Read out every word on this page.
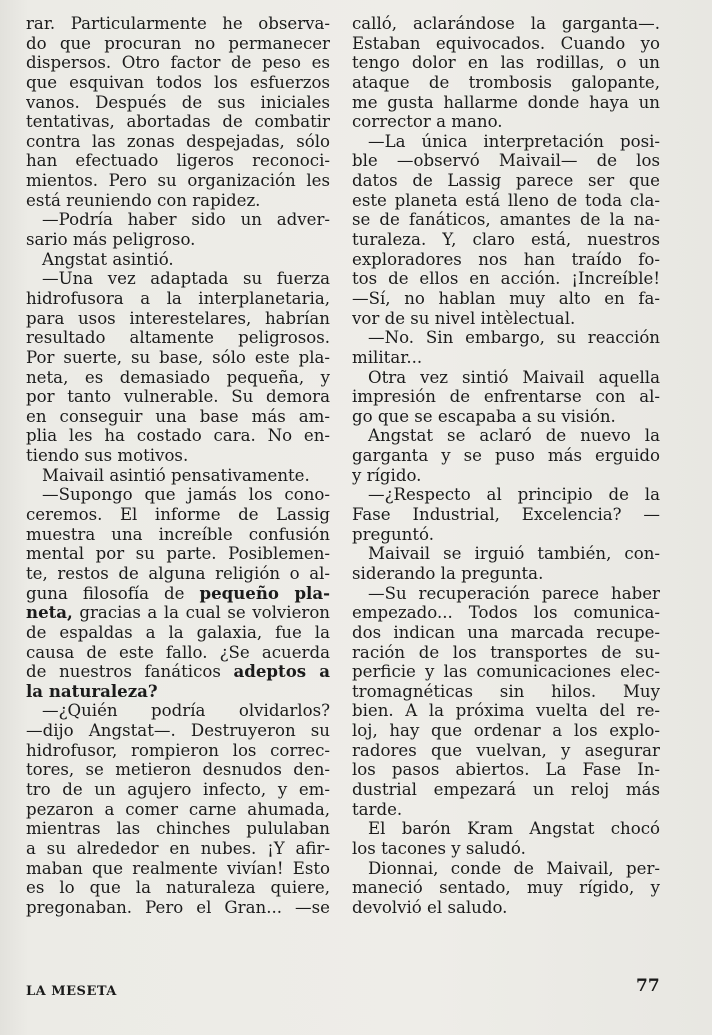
rar. Particularmente he observa-
do que procuran no permanecer
dispersos. Otro factor de peso es
que esquivan todos los esfuerzos
vanos. Después de sus iniciales
tentativas, abortadas de combatir
contra las zonas despejadas, sólo
han efectuado ligeros reconoci-
mientos. Pero su organización les
está reuniendo con rapidez.
—Podría haber sido un adver-
sario más peligroso.
Angstat asintió.
—Una vez adaptada su fuerza
hidrofusora a la interplanetaria,
para usos interestelares, habrían
resultado altamente peligrosos.
Por suerte, su base, sólo este pla-
neta, es demasiado pequeña, y
por tanto vulnerable. Su demora
en conseguir una base más am-
plia les ha costado cara. No en-
tiendo sus motivos.
Maivail asintió pensativamente.
—Supongo que jamás los cono-
ceremos. El informe de Lassig
muestra una increíble confusión
mental por su parte. Posiblemen-
te, restos de alguna religión o al-
guna filosofía de pequeño pla-
neta, gracias a la cual se volvieron
de espaldas a la galaxia, fue la
causa de este fallo. ¿Se acuerda
de nuestros fanáticos adeptos a
la naturaleza?
—¿Quién podría olvidarlos?
—dijo Angstat—. Destruyeron su
hidrofusor, rompieron los correc-
tores, se metieron desnudos den-
tro de un agujero infecto, y em-
pezaron a comer carne ahumada,
mientras las chinches pululaban
a su alrededor en nubes. ¡Y afir-
maban que realmente vivían! Esto
es lo que la naturaleza quiere,
pregonaban. Pero el Gran... —se
calló, aclarándose la garganta—.
Estaban equivocados. Cuando yo
tengo dolor en las rodillas, o un
ataque de trombosis galopante,
me gusta hallarme donde haya un
corrector a mano.
—La única interpretación posi-
ble —observó Maivail— de los
datos de Lassig parece ser que
este planeta está lleno de toda cla-
se de fanáticos, amantes de la na-
turaleza. Y, claro está, nuestros
exploradores nos han traído fo-
tos de ellos en acción. ¡Increíble!
—Sí, no hablan muy alto en fa-
vor de su nivel intèlectual.
—No. Sin embargo, su reacción
militar...
Otra vez sintió Maivail aquella
impresión de enfrentarse con al-
go que se escapaba a su visión.
Angstat se aclaró de nuevo la
garganta y se puso más erguido
y rígido.
—¿Respecto al principio de la
Fase Industrial, Excelencia? —
preguntó.
Maivail se irguió también, con-
siderando la pregunta.
—Su recuperación parece haber
empezado... Todos los comunica-
dos indican una marcada recupe-
ración de los transportes de su-
perficie y las comunicaciones elec-
tromagnéticas sin hilos. Muy
bien. A la próxima vuelta del re-
loj, hay que ordenar a los explo-
radores que vuelvan, y asegurar
los pasos abiertos. La Fase In-
dustrial empezará un reloj más
tarde.
El barón Kram Angstat chocó
los tacones y saludó.
Dionnai, conde de Maivail, per-
maneció sentado, muy rígido, y
devolvió el saludo.
LA MESETA	77
